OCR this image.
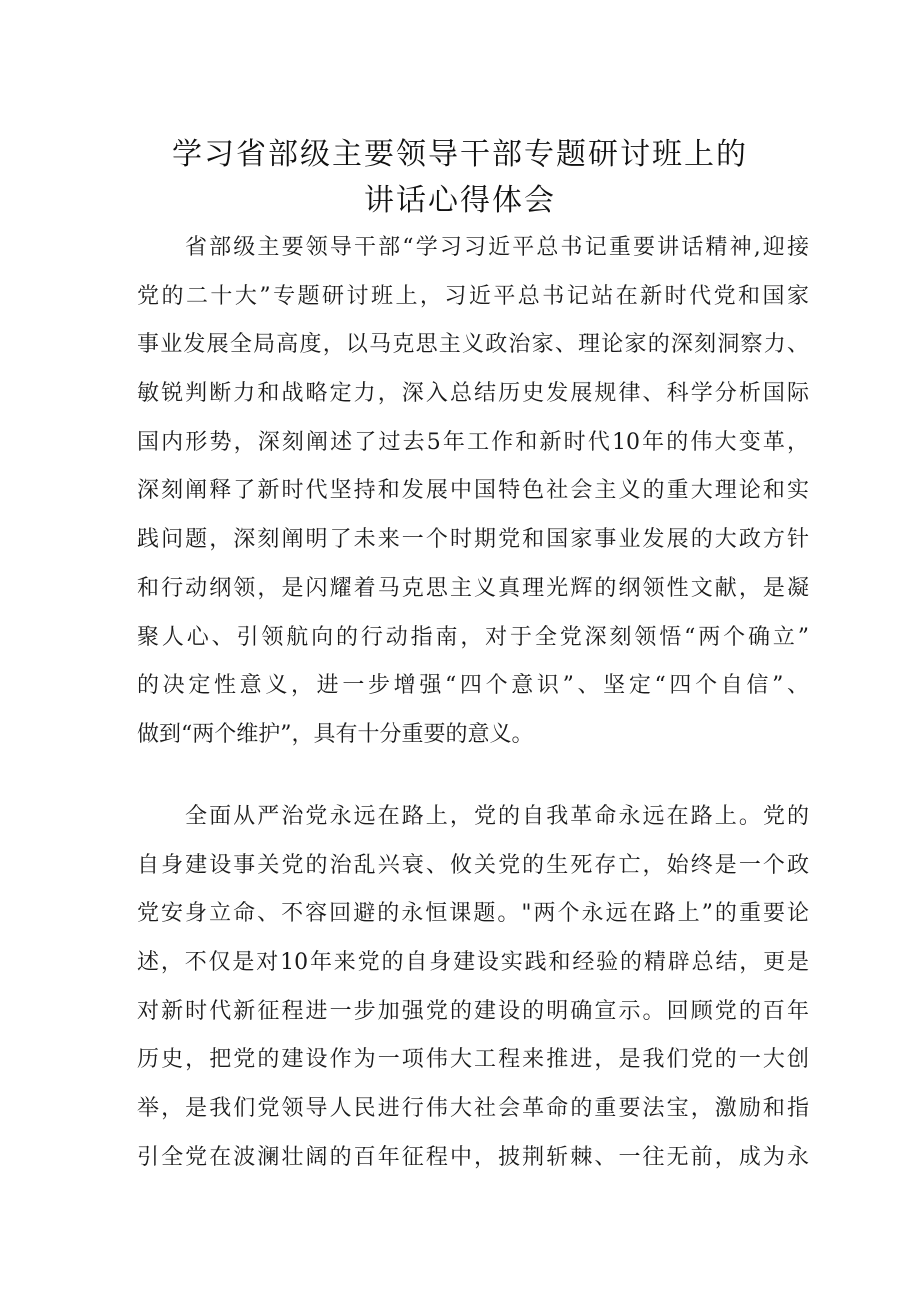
学习省部级主要领导干部专题研讨班上的
讲话心得体会
省部级主要领导干部“学习习近平总书记重要讲话精神,迎接
党的二十大”专题研讨班上，习近平总书记站在新时代党和国家
事业发展全局高度，以马克思主义政治家、理论家的深刻洞察力、
敏锐判断力和战略定力，深入总结历史发展规律、科学分析国际
国内形势，深刻阐述了过去5年工作和新时代10年的伟大变革，
深刻阐释了新时代坚持和发展中国特色社会主义的重大理论和实
践问题，深刻阐明了未来一个时期党和国家事业发展的大政方针
和行动纲领，是闪耀着马克思主义真理光辉的纲领性文献，是凝
聚人心、引领航向的行动指南，对于全党深刻领悟“两个确立”
的决定性意义，进一步增强“四个意识”、坚定“四个自信”、
做到“两个维护”，具有十分重要的意义。
全面从严治党永远在路上，党的自我革命永远在路上。党的
自身建设事关党的治乱兴衰、攸关党的生死存亡，始终是一个政
党安身立命、不容回避的永恒课题。"两个永远在路上”的重要论
述，不仅是对10年来党的自身建设实践和经验的精辟总结，更是
对新时代新征程进一步加强党的建设的明确宣示。回顾党的百年
历史，把党的建设作为一项伟大工程来推进，是我们党的一大创
举，是我们党领导人民进行伟大社会革命的重要法宝，激励和指
引全党在波澜壮阔的百年征程中，披荆斩棘、一往无前，成为永
